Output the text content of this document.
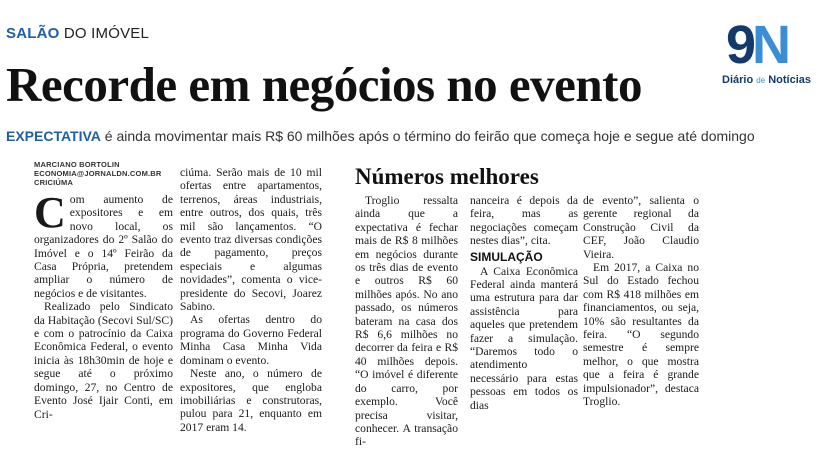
SALÃO DO IMÓVEL
Recorde em negócios no evento
9N
Diário de Notícias
EXPECTATIVA é ainda movimentar mais R$ 60 milhões após o término do feirão que começa hoje e segue até domingo
MARCIANO BORTOLIN
ECONOMIA@JORNALDN.COM.BR
CRICIÚMA

Com aumento de expositores e em novo local, os organizadores do 2º Salão do Imóvel e o 14º Feirão da Casa Própria, pretendem ampliar o número de negócios e de visitantes.

Realizado pelo Sindicato da Habitação (Secovi Sul/SC) e com o patrocínio da Caixa Econômica Federal, o evento inicia às 18h30min de hoje e segue até o próximo domingo, 27, no Centro de Evento José Ijair Conti, em Cri-

ciúma. Serão mais de 10 mil ofertas entre apartamentos, terrenos, áreas industriais, entre outros, dos quais, três mil são lançamentos. “O evento traz diversas condições de pagamento, preços especiais e algumas novidades”, comenta o vice-presidente do Secovi, Joarez Sabino.

As ofertas dentro do programa do Governo Federal Minha Casa Minha Vida dominam o evento.

Neste ano, o número de expositores, que engloba imobiliárias e construtoras, pulou para 21, enquanto em 2017 eram 14.

Números melhores

Troglio ressalta ainda que a expectativa é fechar mais de R$ 8 milhões em negócios durante os três dias de evento e outros R$ 60 milhões após. No ano passado, os números bateram na casa dos R$ 6,6 milhões no decorrer da feira e R$ 40 milhões depois. “O imóvel é diferente do carro, por exemplo. Você precisa visitar, conhecer. A transação fi-

nanceira é depois da feira, mas as negociações começam nestes dias”, cita.

SIMULAÇÃO

A Caixa Econômica Federal ainda manterá uma estrutura para dar assistência para aqueles que pretendem fazer a simulação. “Daremos todo o atendimento necessário para estas pessoas em todos os dias

de evento”, salienta o gerente regional da Construção Civil da CEF, João Claudio Vieira.

Em 2017, a Caixa no Sul do Estado fechou com R$ 418 milhões em financiamentos, ou seja, 10% são resultantes da feira. “O segundo semestre é sempre melhor, o que mostra que a feira é grande impulsionador”, destaca Troglio.
